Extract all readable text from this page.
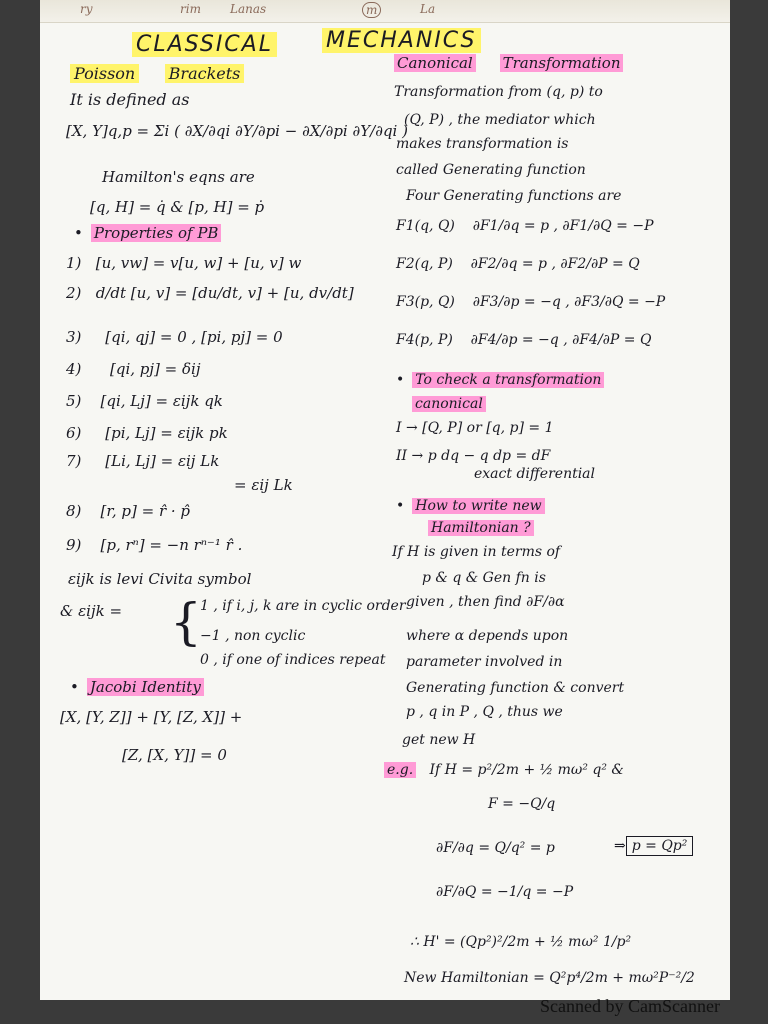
ry	rim Lanas	m	La
CLASSICAL MECHANICS
Poisson Brackets
It is defined as
[X, Y]q,p = Σi ( ∂X/∂qi ∂Y/∂pi − ∂X/∂pi ∂Y/∂qi )
Hamilton's eqns are
[q, H] = q̇ & [p, H] = ṗ
• Properties of PB
1) [u, vw] = v[u, w] + [u, v] w
2) d/dt [u, v] = [du/dt, v] + [u, dv/dt]
3) [qi, qj] = 0 , [pi, pj] = 0
4) [qi, pj] = δij
5) [qi, Lj] = εijk qk
6) [pi, Lj] = εijk pk
7) [Li, Lj] = εij Lk
= εij Lk
8) [r, p] = r̂ · p̂
9) [p, rⁿ] = −n rⁿ⁻¹ r̂ .
εijk is levi Civita symbol
& εijk = {
1 , if i, j, k are in cyclic order
−1 , non cyclic
0 , if one of indices repeat
• Jacobi Identity
[X, [Y, Z]] + [Y, [Z, X]] +
[Z, [X, Y]] = 0
Canonical Transformation
Transformation from (q, p) to
(Q, P) , the mediator which
makes transformation is
called Generating function
Four Generating functions are
F1(q, Q) ∂F1/∂q = p , ∂F1/∂Q = −P
F2(q, P) ∂F2/∂q = p , ∂F2/∂P = Q
F3(p, Q) ∂F3/∂p = −q , ∂F3/∂Q = −P
F4(p, P) ∂F4/∂p = −q , ∂F4/∂P = Q
• To check a transformation
canonical
I → [Q, P] or [q, p] = 1
II → p dq − q dp = dF
exact differential
• How to write new
Hamiltonian ?
If H is given in terms of
p & q & Gen fn is
given , then find ∂F/∂α
where α depends upon
parameter involved in
Generating function & convert
p , q in P , Q , thus we
get new H
e.g. If H = p²/2m + ½ mω² q² &
F = −Q/q
∂F/∂q = Q/q² = p	⇒ p = Qp²
∂F/∂Q = −1/q = −P
∴ H' = (Qp²)²/2m + ½ mω² 1/p²
New Hamiltonian = Q²p⁴/2m + mω²P⁻²/2
Scanned by CamScanner
